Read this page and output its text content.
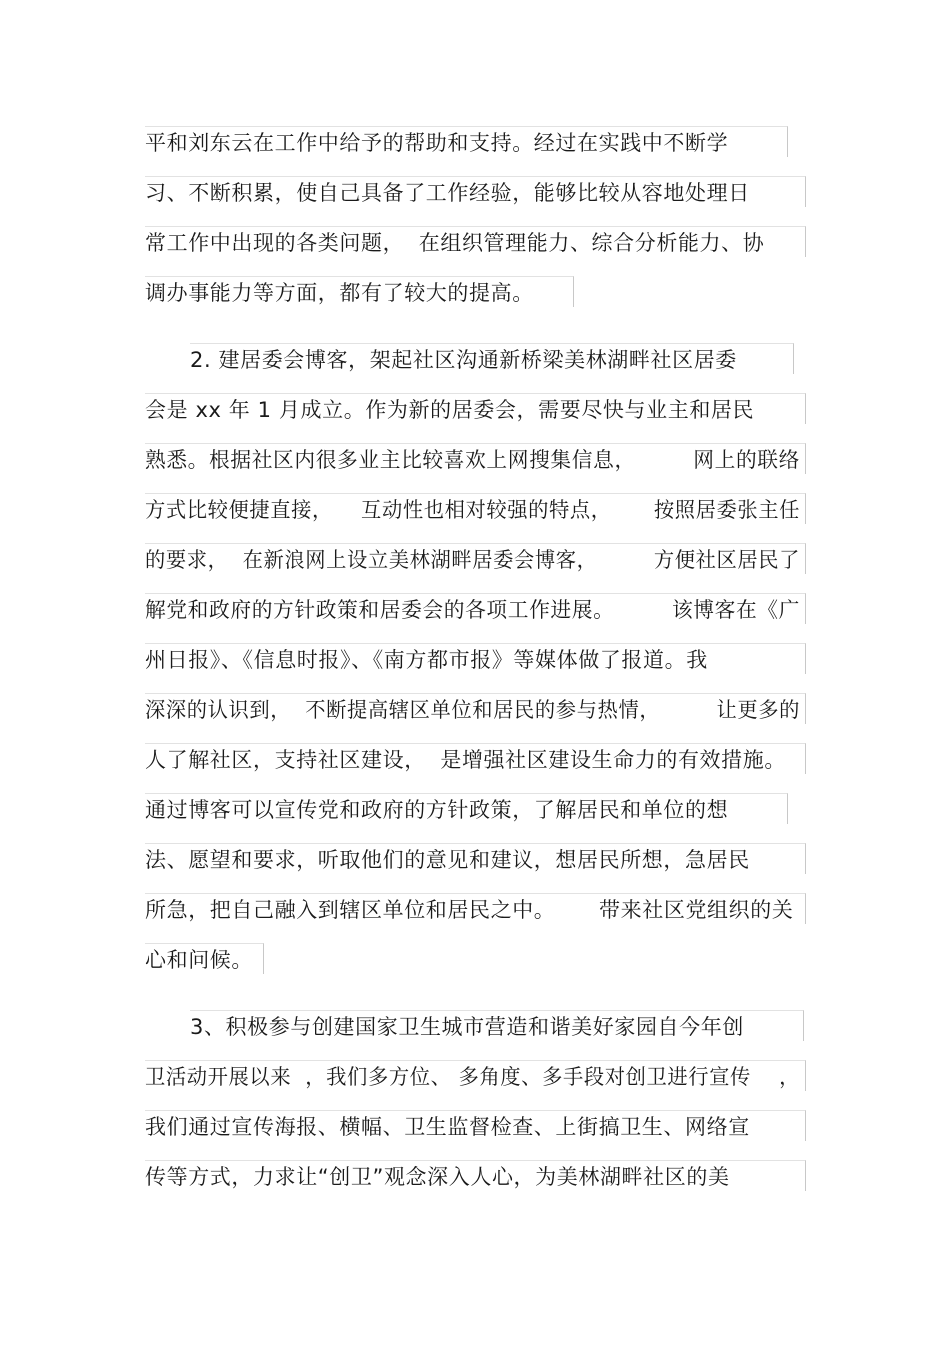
平和刘东云在工作中给予的帮助和支持。经过在实践中不断学
习、不断积累，使自己具备了工作经验，能够比较从容地处理日
常工作中出现的各类问题，  在组织管理能力、综合分析能力、协
调办事能力等方面，都有了较大的提高。
2. 建居委会博客，架起社区沟通新桥梁美林湖畔社区居委
会是 xx 年 1 月成立。作为新的居委会，需要尽快与业主和居民
熟悉。根据社区内很多业主比较喜欢上网搜集信息，        网上的联络
方式比较便捷直接，    互动性也相对较强的特点，      按照居委张主任
的要求，  在新浪网上设立美林湖畔居委会博客，        方便社区居民了
解党和政府的方针政策和居委会的各项工作进展。        该博客在《广
州日报》、《信息时报》、《南方都市报》等媒体做了报道。我
深深的认识到，  不断提高辖区单位和居民的参与热情，        让更多的
人了解社区，支持社区建设，  是增强社区建设生命力的有效措施。
通过博客可以宣传党和政府的方针政策，了解居民和单位的想
法、愿望和要求，听取他们的意见和建议，想居民所想，急居民
所急，把自己融入到辖区单位和居民之中。      带来社区党组织的关
心和问候。
3、积极参与创建国家卫生城市营造和谐美好家园自今年创
卫活动开展以来  ，我们多方位、 多角度、多手段对创卫进行宣传    ，
我们通过宣传海报、横幅、卫生监督检查、上街搞卫生、网络宣
传等方式，力求让“创卫”观念深入人心，为美林湖畔社区的美
